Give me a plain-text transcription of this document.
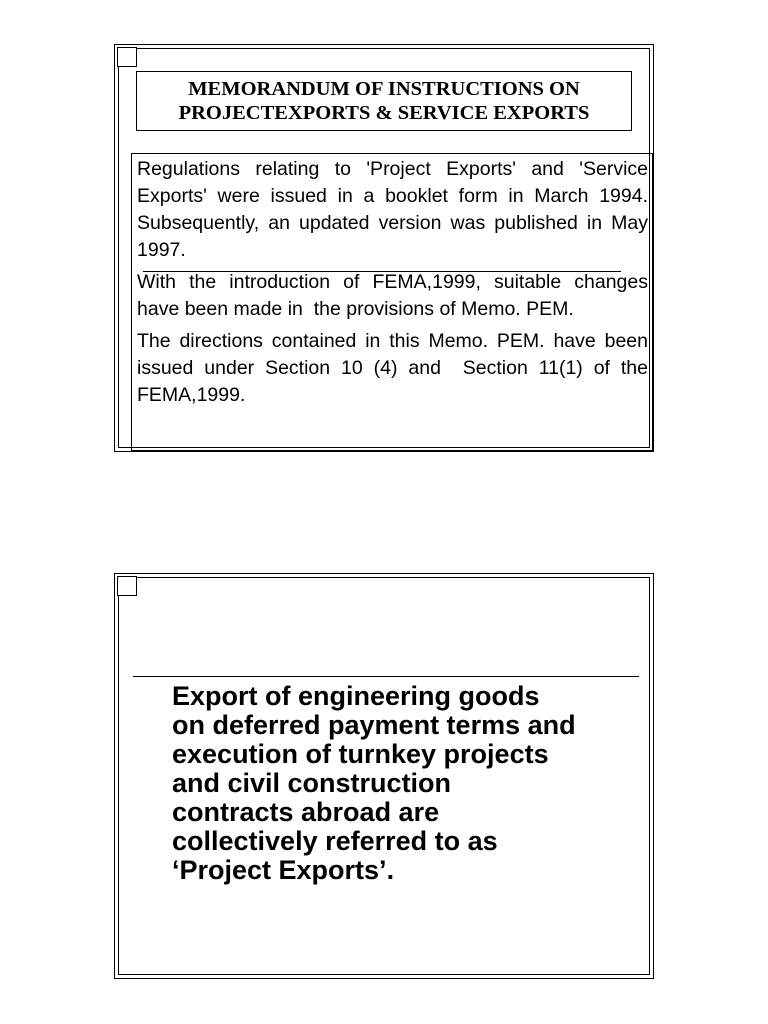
MEMORANDUM OF INSTRUCTIONS ON
PROJECTEXPORTS & SERVICE EXPORTS

Regulations relating to 'Project Exports' and 'Service Exports' were issued in a booklet form in March 1994. Subsequently, an updated version was published in May 1997.

With the introduction of FEMA,1999, suitable changes have been made in  the provisions of Memo. PEM.

The directions contained in this Memo. PEM. have been issued under Section 10 (4) and  Section 11(1) of the FEMA,1999.

Export of engineering goods
on deferred payment terms and
execution of turnkey projects
and civil construction
contracts abroad are
collectively referred to as
‘Project Exports’.
